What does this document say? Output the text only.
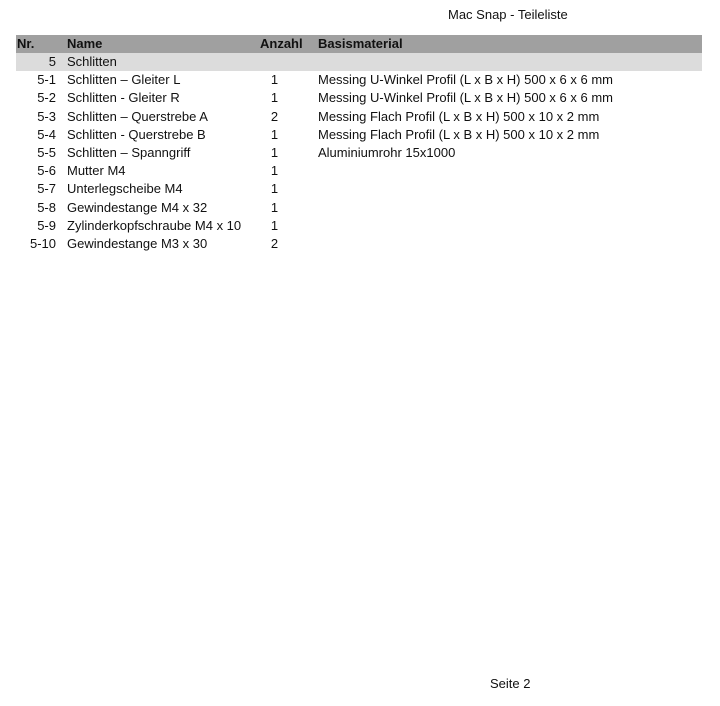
Mac Snap - Teileliste
Nr.	Name	Anzahl Basismaterial
5 Schlitten
5-1 Schlitten – Gleiter L	1	Messing U-Winkel Profil (L x B x H) 500 x 6 x 6 mm
5-2 Schlitten - Gleiter R	1	Messing U-Winkel Profil (L x B x H) 500 x 6 x 6 mm
5-3 Schlitten – Querstrebe A	2	Messing Flach Profil (L x B x H) 500 x 10 x 2 mm
5-4 Schlitten - Querstrebe B	1	Messing Flach Profil (L x B x H) 500 x 10 x 2 mm
5-5 Schlitten – Spanngriff	1	Aluminiumrohr 15x1000
5-6 Mutter M4	1
5-7 Unterlegscheibe M4	1
5-8 Gewindestange M4 x 32	1
5-9 Zylinderkopfschraube M4 x 10	1
5-10 Gewindestange M3 x 30	2
Seite 2
